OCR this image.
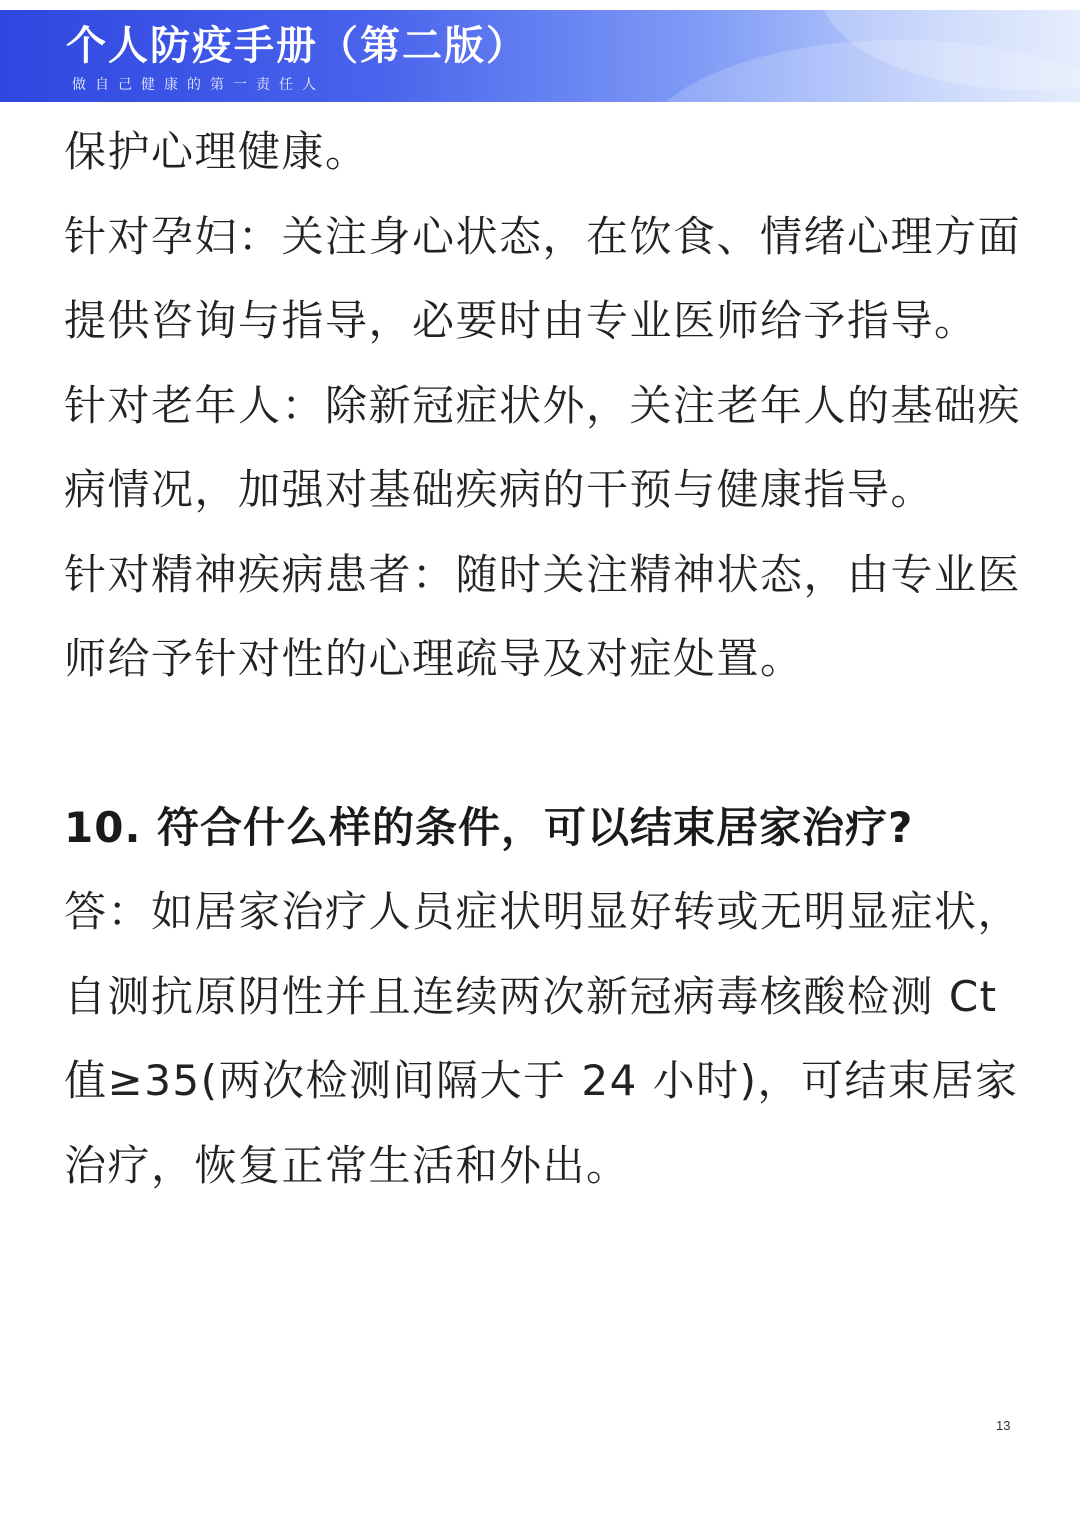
个人防疫手册（第二版）
做自己健康的第一责任人

保护心理健康。

针对孕妇：关注身心状态，在饮食、情绪心理方面提供咨询与指导，必要时由专业医师给予指导。

针对老年人：除新冠症状外，关注老年人的基础疾病情况，加强对基础疾病的干预与健康指导。

针对精神疾病患者：随时关注精神状态，由专业医师给予针对性的心理疏导及对症处置。

10. 符合什么样的条件，可以结束居家治疗?

答：如居家治疗人员症状明显好转或无明显症状，自测抗原阴性并且连续两次新冠病毒核酸检测 Ct 值≥35(两次检测间隔大于 24 小时)，可结束居家治疗，恢复正常生活和外出。

13
